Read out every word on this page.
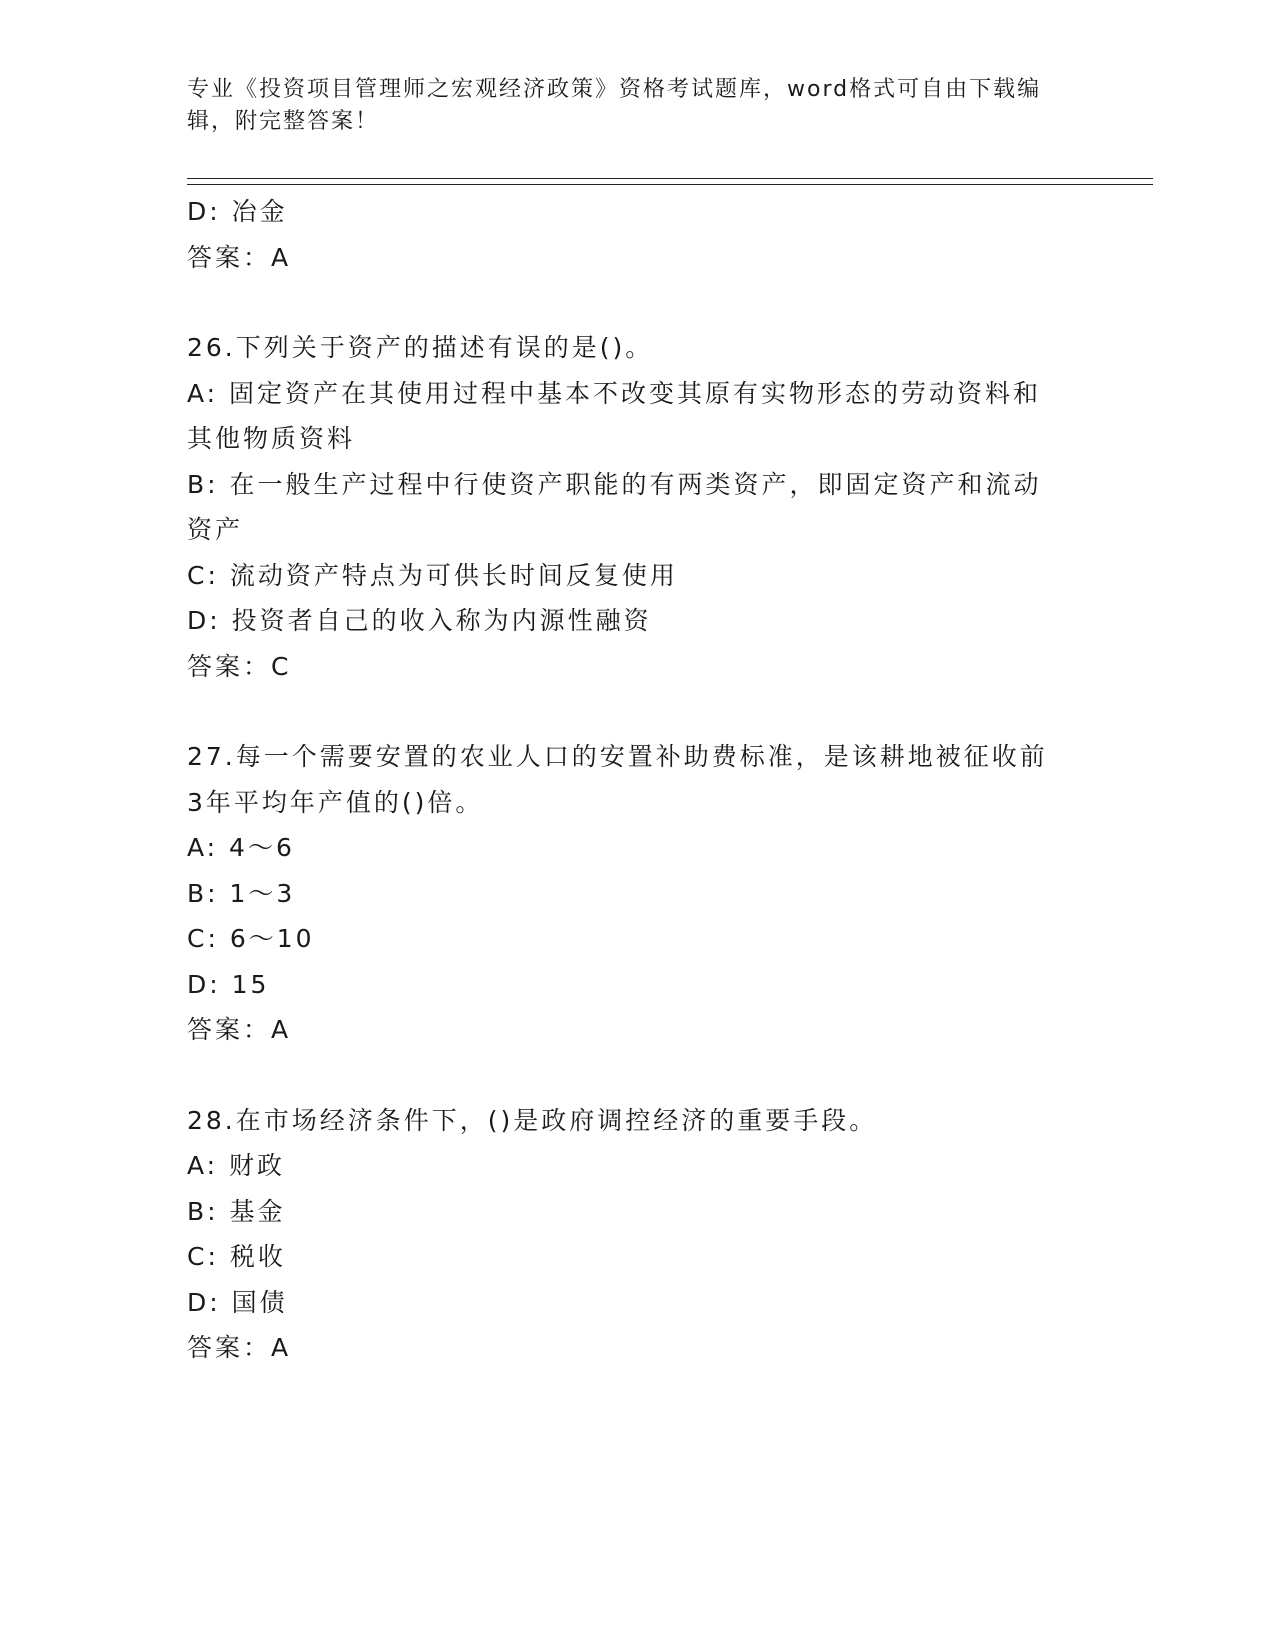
专业《投资项目管理师之宏观经济政策》资格考试题库，word格式可自由下载编
辑，附完整答案！
D: 冶金
答案：A
26.下列关于资产的描述有误的是()。
A: 固定资产在其使用过程中基本不改变其原有实物形态的劳动资料和
其他物质资料
B: 在一般生产过程中行使资产职能的有两类资产，即固定资产和流动
资产
C: 流动资产特点为可供长时间反复使用
D: 投资者自己的收入称为内源性融资
答案：C
27.每一个需要安置的农业人口的安置补助费标准，是该耕地被征收前
3年平均年产值的()倍。
A: 4～6
B: 1～3
C: 6～10
D: 15
答案：A
28.在市场经济条件下，()是政府调控经济的重要手段。
A: 财政
B: 基金
C: 税收
D: 国债
答案：A
